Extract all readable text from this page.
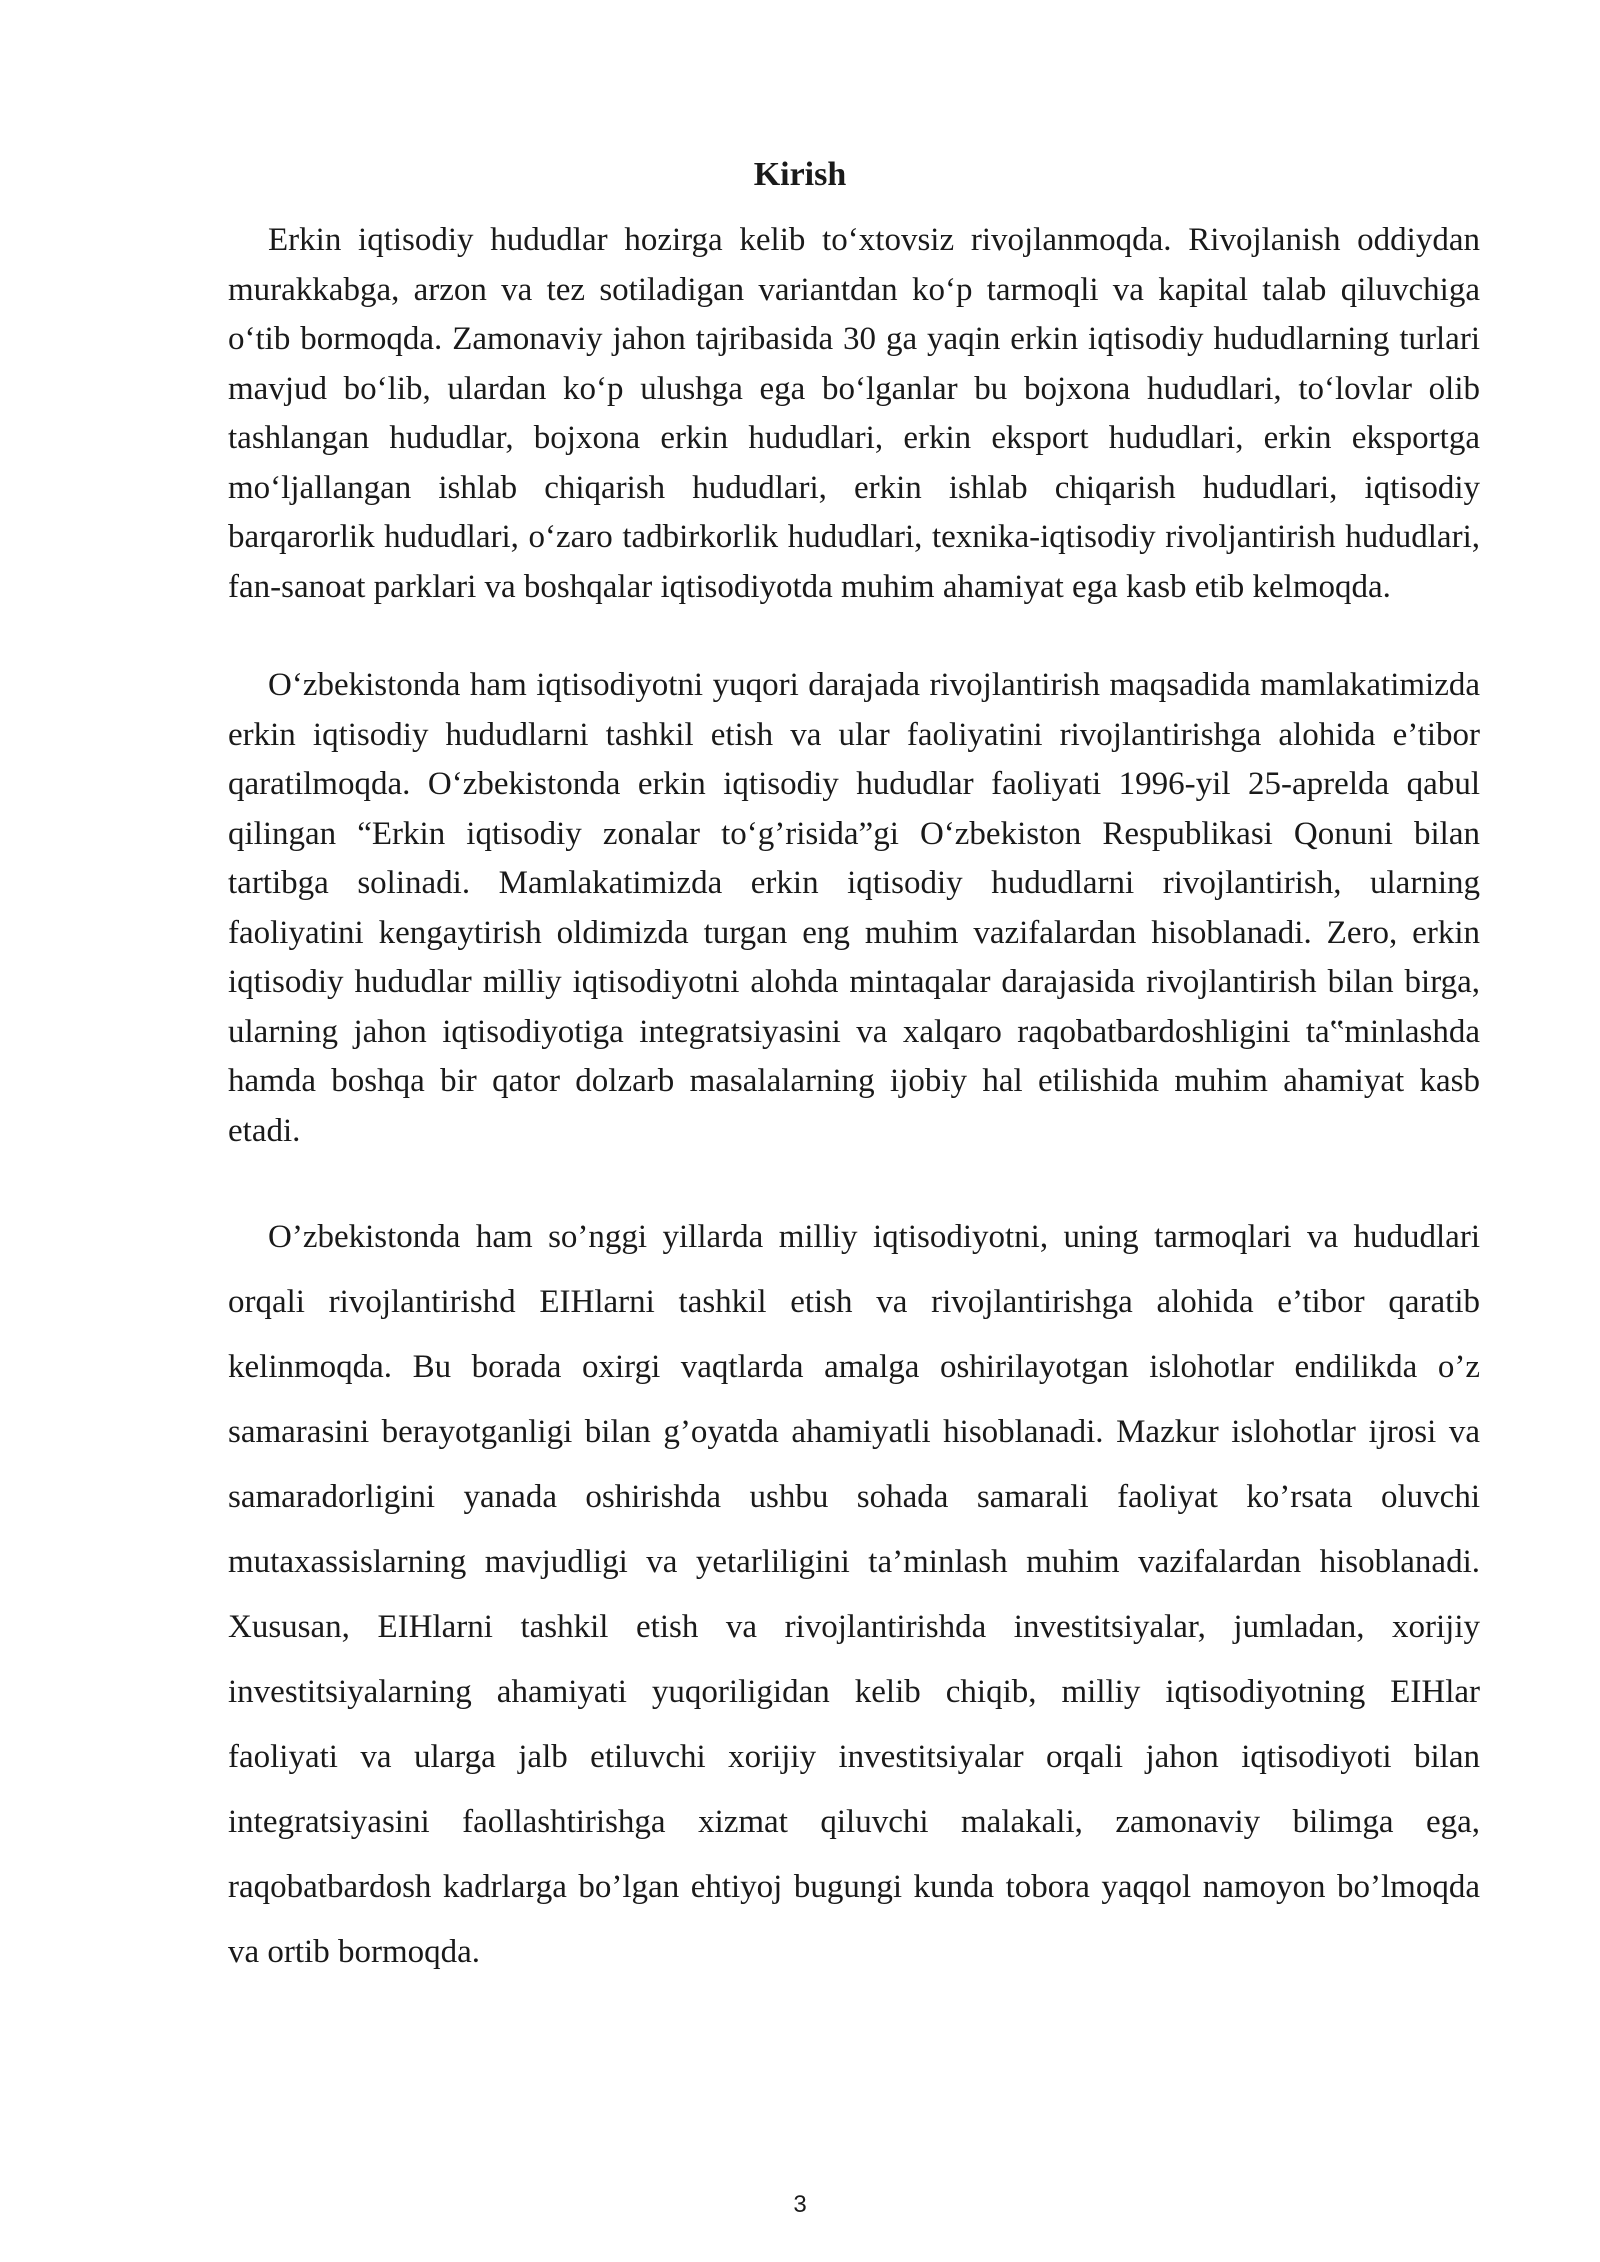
Kirish

Erkin iqtisodiy hududlar hozirga kelib to‘xtovsiz rivojlanmoqda. Rivojlanish oddiydan murakkabga, arzon va tez sotiladigan variantdan ko‘p tarmoqli va kapital talab qiluvchiga o‘tib bormoqda. Zamonaviy jahon tajribasida 30 ga yaqin erkin iqtisodiy hududlarning turlari mavjud bo‘lib, ulardan ko‘p ulushga ega bo‘lganlar bu bojxona hududlari, to‘lovlar olib tashlangan hududlar, bojxona erkin hududlari, erkin eksport hududlari, erkin eksportga mo‘ljallangan ishlab chiqarish hududlari, erkin ishlab chiqarish hududlari, iqtisodiy barqarorlik hududlari, o‘zaro tadbirkorlik hududlari, texnika-iqtisodiy rivoljantirish hududlari, fan-sanoat parklari va boshqalar iqtisodiyotda muhim ahamiyat ega kasb etib kelmoqda.

O‘zbekistonda ham iqtisodiyotni yuqori darajada rivojlantirish maqsadida mamlakatimizda erkin iqtisodiy hududlarni tashkil etish va ular faoliyatini rivojlantirishga alohida e’tibor qaratilmoqda. O‘zbekistonda erkin iqtisodiy hududlar faoliyati 1996-yil 25-aprelda qabul qilingan “Erkin iqtisodiy zonalar to‘g’risida”gi O‘zbekiston Respublikasi Qonuni bilan tartibga solinadi. Mamlakatimizda erkin iqtisodiy hududlarni rivojlantirish, ularning faoliyatini kengaytirish oldimizda turgan eng muhim vazifalardan hisoblanadi. Zero, erkin iqtisodiy hududlar milliy iqtisodiyotni alohda mintaqalar darajasida rivojlantirish bilan birga, ularning jahon iqtisodiyotiga integratsiyasini va xalqaro raqobatbardoshligini ta‟minlashda hamda boshqa bir qator dolzarb masalalarning ijobiy hal etilishida muhim ahamiyat kasb etadi.

O’zbekistonda ham so’nggi yillarda milliy iqtisodiyotni, uning tarmoqlari va hududlari orqali rivojlantirishd EIHlarni tashkil etish va rivojlantirishga alohida e’tibor qaratib kelinmoqda. Bu borada oxirgi vaqtlarda amalga oshirilayotgan islohotlar endilikda o’z samarasini berayotganligi bilan g’oyatda ahamiyatli hisoblanadi. Mazkur islohotlar ijrosi va samaradorligini yanada oshirishda ushbu sohada samarali faoliyat ko’rsata oluvchi mutaxassislarning mavjudligi va yetarliligini ta’minlash muhim vazifalardan hisoblanadi. Xususan, EIHlarni tashkil etish va rivojlantirishda investitsiyalar, jumladan, xorijiy investitsiyalarning ahamiyati yuqoriligidan kelib chiqib, milliy iqtisodiyotning EIHlar faoliyati va ularga jalb etiluvchi xorijiy investitsiyalar orqali jahon iqtisodiyoti bilan integratsiyasini faollashtirishga xizmat qiluvchi malakali, zamonaviy bilimga ega, raqobatbardosh kadrlarga bo’lgan ehtiyoj bugungi kunda tobora yaqqol namoyon bo’lmoqda va ortib bormoqda.

3
